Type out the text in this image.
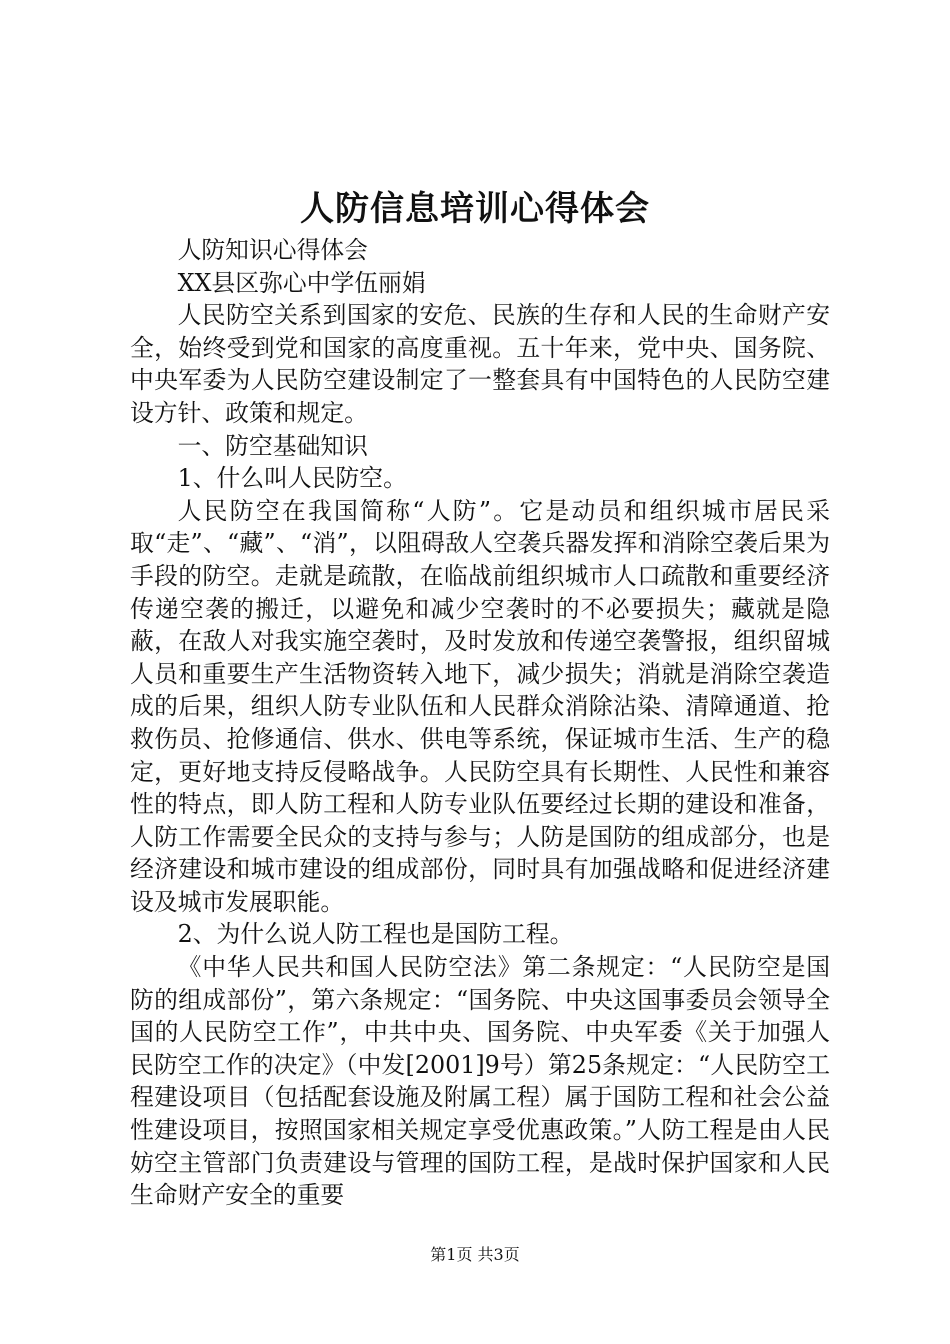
人防信息培训心得体会

人防知识心得体会

XX县区弥心中学伍丽娟

人民防空关系到国家的安危、民族的生存和人民的生命财产安全，始终受到党和国家的高度重视。五十年来，党中央、国务院、中央军委为人民防空建设制定了一整套具有中国特色的人民防空建设方针、政策和规定。

一、防空基础知识

1、什么叫人民防空。

人民防空在我国简称“人防”。它是动员和组织城市居民采取“走”、“藏”、“消”，以阻碍敌人空袭兵器发挥和消除空袭后果为手段的防空。走就是疏散，在临战前组织城市人口疏散和重要经济传递空袭的搬迁，以避免和减少空袭时的不必要损失；藏就是隐蔽，在敌人对我实施空袭时，及时发放和传递空袭警报，组织留城人员和重要生产生活物资转入地下，减少损失；消就是消除空袭造成的后果，组织人防专业队伍和人民群众消除沾染、清障通道、抢救伤员、抢修通信、供水、供电等系统，保证城市生活、生产的稳定，更好地支持反侵略战争。人民防空具有长期性、人民性和兼容性的特点，即人防工程和人防专业队伍要经过长期的建设和准备，人防工作需要全民众的支持与参与；人防是国防的组成部分，也是经济建设和城市建设的组成部份，同时具有加强战略和促进经济建设及城市发展职能。

2、为什么说人防工程也是国防工程。

《中华人民共和国人民防空法》第二条规定：“人民防空是国防的组成部份”，第六条规定：“国务院、中央这国事委员会领导全国的人民防空工作”，中共中央、国务院、中央军委《关于加强人民防空工作的决定》（中发[2001]9号）第25条规定：“人民防空工程建设项目（包括配套设施及附属工程）属于国防工程和社会公益性建设项目，按照国家相关规定享受优惠政策。”人防工程是由人民妨空主管部门负责建设与管理的国防工程，是战时保护国家和人民生命财产安全的重要

第1页 共3页
